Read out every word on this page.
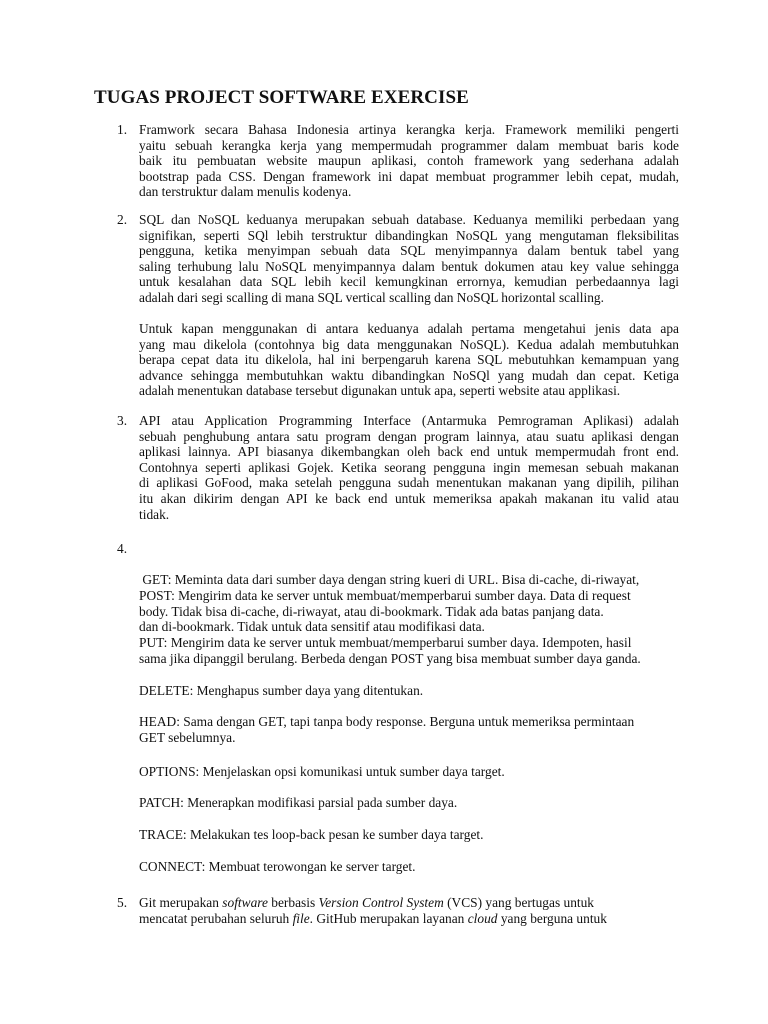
TUGAS PROJECT SOFTWARE EXERCISE
1. Framwork secara Bahasa Indonesia artinya kerangka kerja. Framework memiliki pengerti
yaitu sebuah kerangka kerja yang mempermudah programmer dalam membuat baris kode
baik itu pembuatan website maupun aplikasi, contoh framework yang sederhana adalah
bootstrap pada CSS. Dengan framework ini dapat membuat programmer lebih cepat, mudah,
dan terstruktur dalam menulis kodenya.

2. SQL dan NoSQL keduanya merupakan sebuah database. Keduanya memiliki perbedaan yang
signifikan, seperti SQl lebih terstruktur dibandingkan NoSQL yang mengutaman fleksibilitas
pengguna, ketika menyimpan sebuah data SQL menyimpannya dalam bentuk tabel yang
saling terhubung lalu NoSQL menyimpannya dalam bentuk dokumen atau key value sehingga
untuk kesalahan data SQL lebih kecil kemungkinan errornya, kemudian perbedaannya lagi
adalah dari segi scalling di mana SQL vertical scalling dan NoSQL horizontal scalling.

Untuk kapan menggunakan di antara keduanya adalah pertama mengetahui jenis data apa
yang mau dikelola (contohnya big data menggunakan NoSQL). Kedua adalah membutuhkan
berapa cepat data itu dikelola, hal ini berpengaruh karena SQL mebutuhkan kemampuan yang
advance sehingga membutuhkan waktu dibandingkan NoSQl yang mudah dan cepat. Ketiga
adalah menentukan database tersebut digunakan untuk apa, seperti website atau applikasi.

3. API atau Application Programming Interface (Antarmuka Pemrograman Aplikasi) adalah
sebuah penghubung antara satu program dengan program lainnya, atau suatu aplikasi dengan
aplikasi lainnya. API biasanya dikembangkan oleh back end untuk mempermudah front end.
Contohnya seperti aplikasi Gojek. Ketika seorang pengguna ingin memesan sebuah makanan
di aplikasi GoFood, maka setelah pengguna sudah menentukan makanan yang dipilih, pilihan
itu akan dikirim dengan API ke back end untuk memeriksa apakah makanan itu valid atau
tidak.

4.

GET: Meminta data dari sumber daya dengan string kueri di URL. Bisa di-cache, di-riwayat,

dan di-bookmark. Tidak untuk data sensitif atau modifikasi data.

POST: Mengirim data ke server untuk membuat/memperbarui sumber daya. Data di request
body. Tidak bisa di-cache, di-riwayat, atau di-bookmark. Tidak ada batas panjang data.

PUT: Mengirim data ke server untuk membuat/memperbarui sumber daya. Idempoten, hasil
sama jika dipanggil berulang. Berbeda dengan POST yang bisa membuat sumber daya ganda.

DELETE: Menghapus sumber daya yang ditentukan.

HEAD: Sama dengan GET, tapi tanpa body response. Berguna untuk memeriksa permintaan
GET sebelumnya.

OPTIONS: Menjelaskan opsi komunikasi untuk sumber daya target.

PATCH: Menerapkan modifikasi parsial pada sumber daya.

TRACE: Melakukan tes loop-back pesan ke sumber daya target.

CONNECT: Membuat terowongan ke server target.

5. Git merupakan software berbasis Version Control System (VCS) yang bertugas untuk
mencatat perubahan seluruh file. GitHub merupakan layanan cloud yang berguna untuk
